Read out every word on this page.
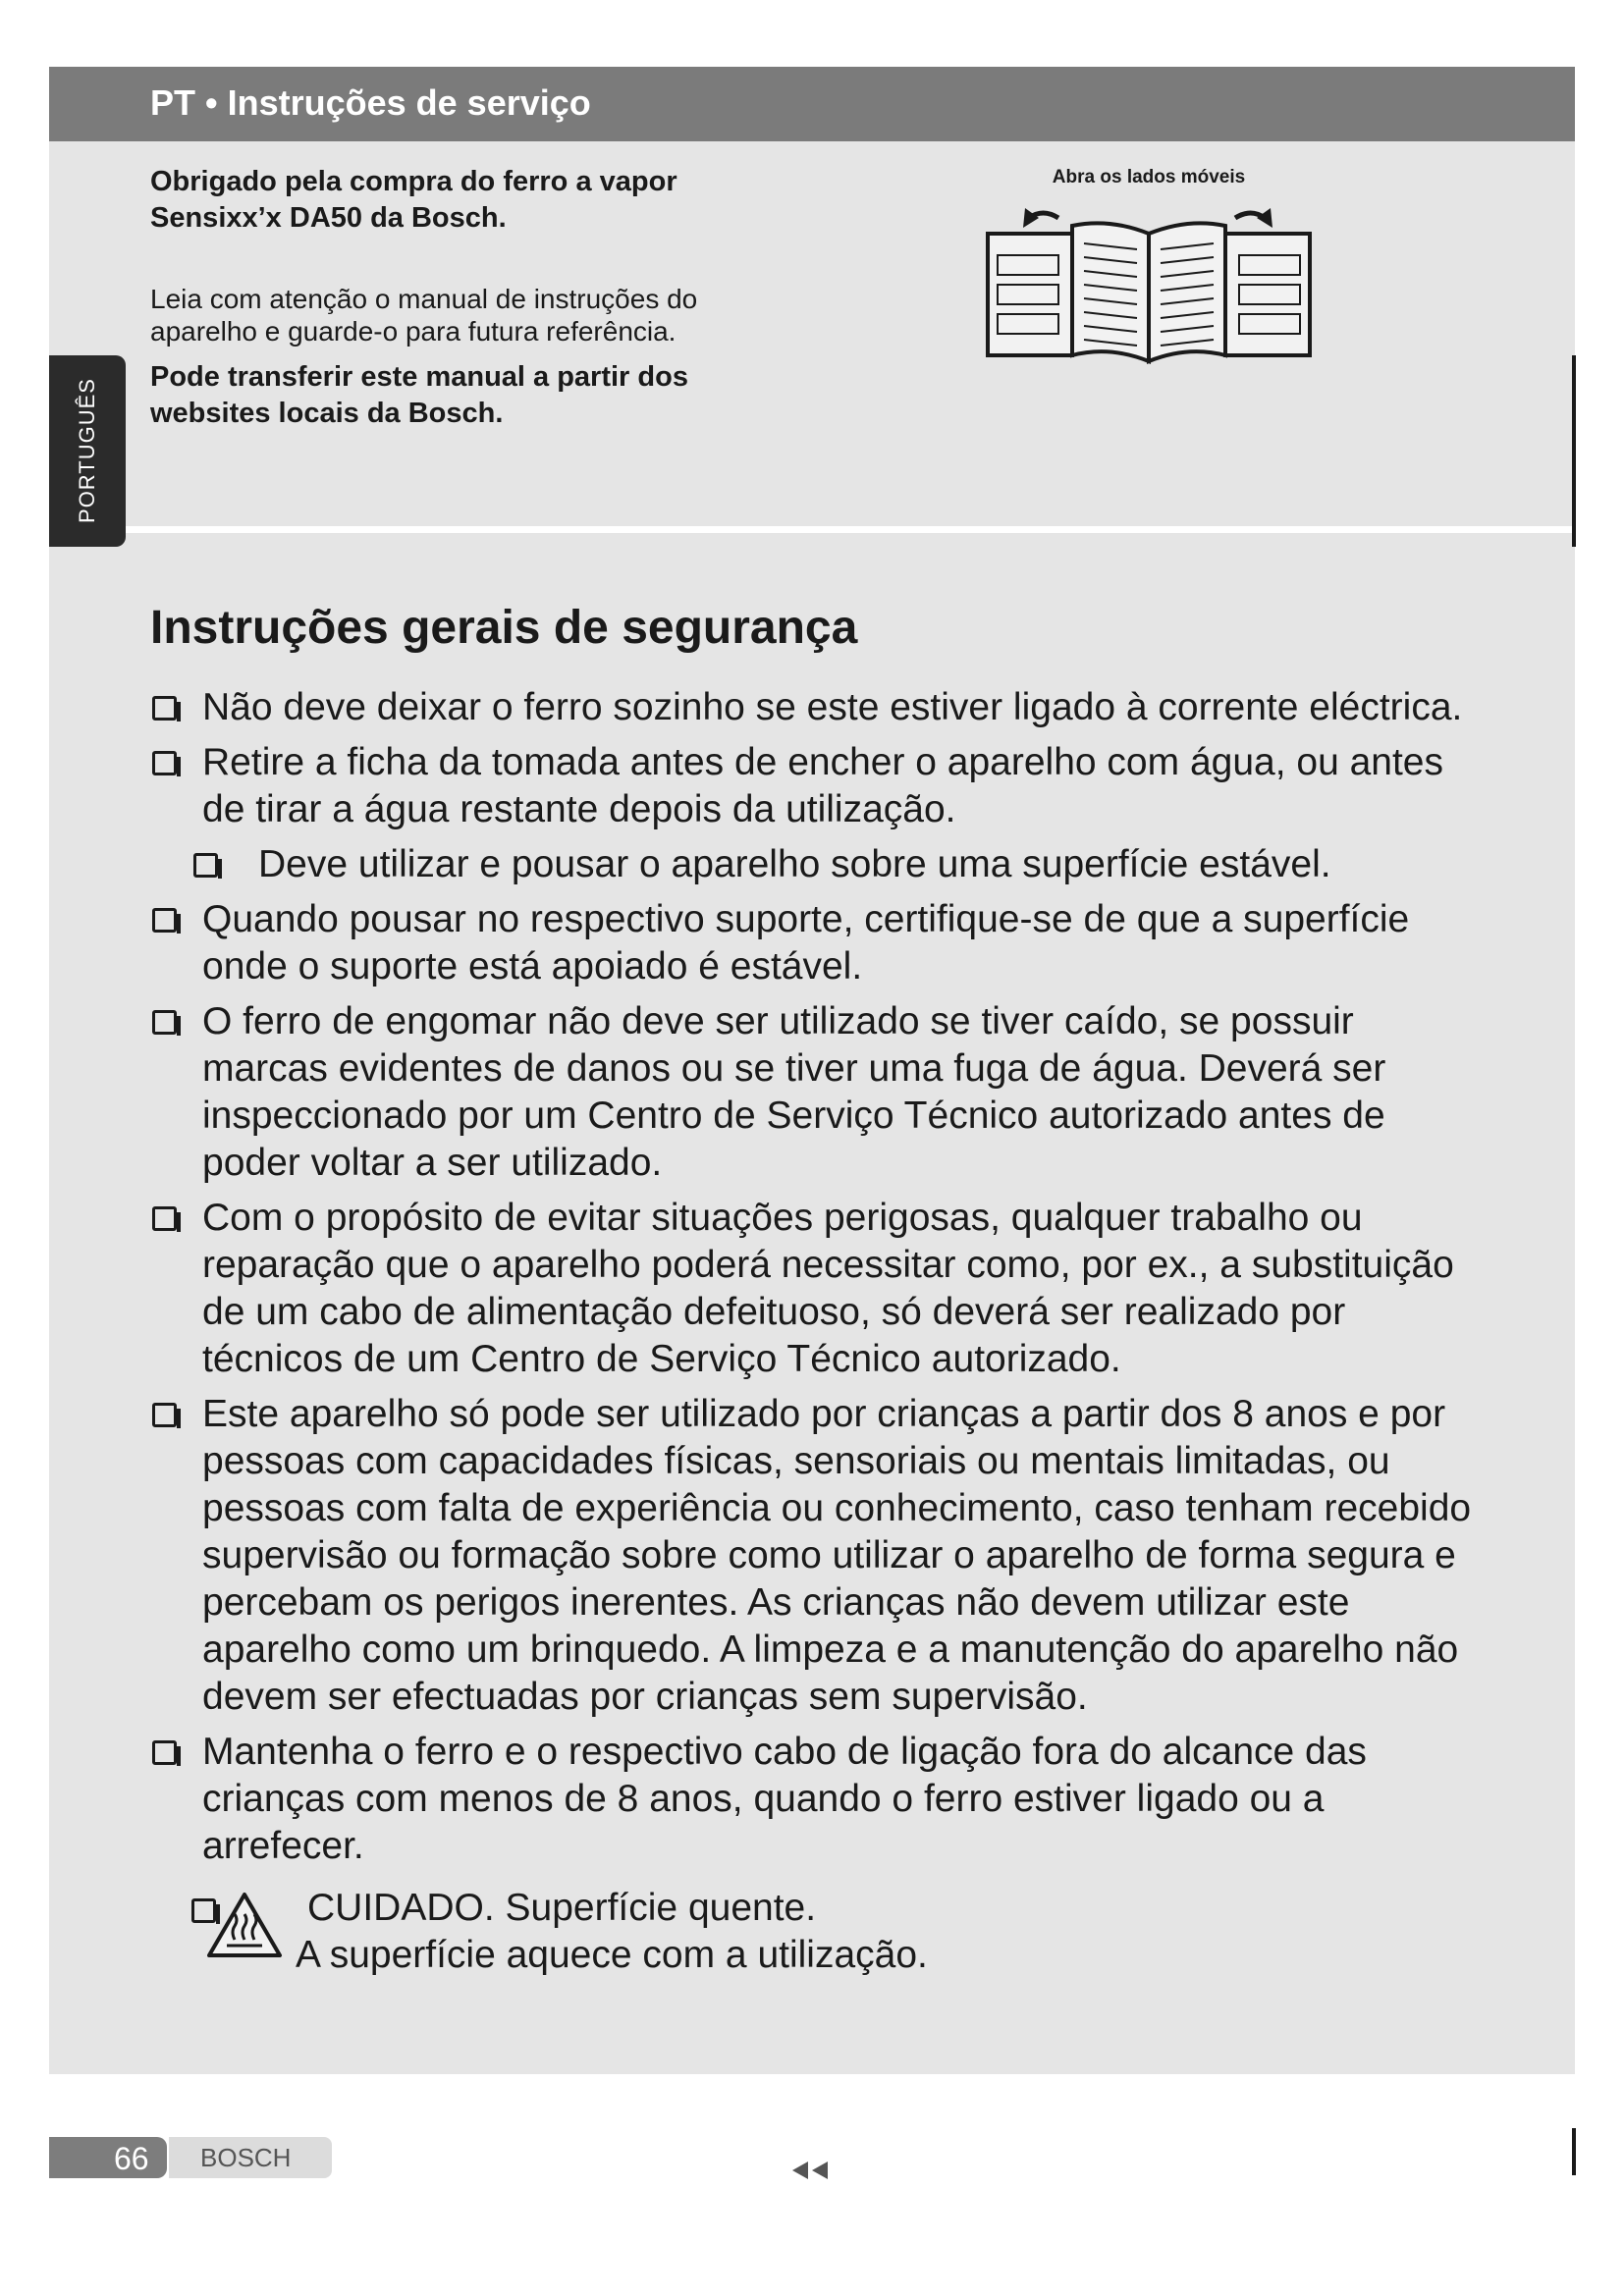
PT • Instruções de serviço
PORTUGUÊS

Obrigado pela compra do ferro a vapor Sensixx’x DA50 da Bosch.

Leia com atenção o manual de instruções do aparelho e guarde-o para futura referência.

Pode transferir este manual a partir dos websites locais da Bosch.

Abra os lados móveis
Instruções gerais de segurança
Não deve deixar o ferro sozinho se este estiver ligado à corrente eléctrica.
Retire a ficha da tomada antes de encher o aparelho com água, ou antes de tirar a água restante depois da utilização.
Deve utilizar e pousar o aparelho sobre uma superfície estável.
Quando pousar no respectivo suporte, certifique-se de que a superfície onde o suporte está apoiado é estável.
O ferro de engomar não deve ser utilizado se tiver caído, se possuir marcas evidentes de danos ou se tiver uma fuga de água. Deverá ser inspeccionado por um Centro de Serviço Técnico autorizado antes de poder voltar a ser utilizado.
Com o propósito de evitar situações perigosas, qualquer trabalho ou reparação que o aparelho poderá necessitar como, por ex., a substituição de um cabo de alimentação defeituoso, só deverá ser realizado por técnicos de um Centro de Serviço Técnico autorizado.
Este aparelho só pode ser utilizado por crianças a partir dos 8 anos e por pessoas com capacidades físicas, sensoriais ou mentais limitadas, ou pessoas com falta de experiência ou conhecimento, caso tenham recebido supervisão ou formação sobre como utilizar o aparelho de forma segura e percebam os perigos inerentes. As crianças não devem utilizar este aparelho como um brinquedo. A limpeza e a manutenção do aparelho não devem ser efectuadas por crianças sem supervisão.
Mantenha o ferro e o respectivo cabo de ligação fora do alcance das crianças com menos de 8 anos, quando o ferro estiver ligado ou a arrefecer.
CUIDADO. Superfície quente.
A superfície aquece com a utilização.
66 BOSCH
